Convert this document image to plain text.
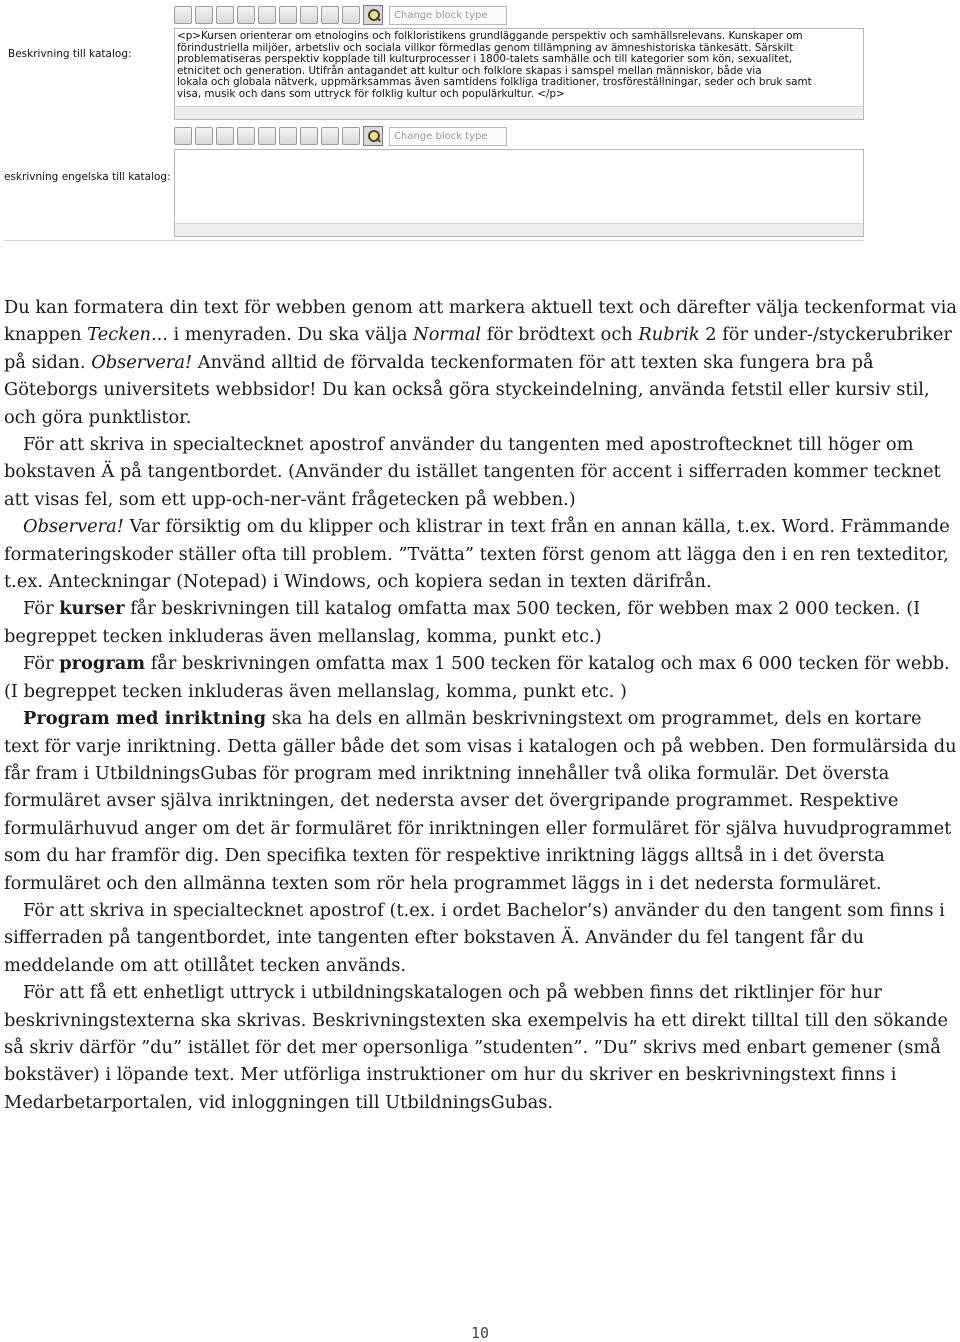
Change block type
Beskrivning till katalog:
<p>Kursen orienterar om etnologins och folkloristikens grundläggande perspektiv och samhällsrelevans. Kunskaper om
förindustriella miljöer, arbetsliv och sociala villkor förmedlas genom tillämpning av ämneshistoriska tänkesätt. Särskilt
problematiseras perspektiv kopplade till kulturprocesser i 1800-talets samhälle och till kategorier som kön, sexualitet,
etnicitet och generation. Utifrån antagandet att kultur och folklore skapas i samspel mellan människor, både via
lokala och globala nätverk, uppmärksammas även samtidens folkliga traditioner, trosföreställningar, seder och bruk samt
visa, musik och dans som uttryck för folklig kultur och populärkultur. </p>
Change block type
eskrivning engelska till katalog:

Du kan formatera din text för webben genom att markera aktuell text och därefter välja teckenformat via knappen Tecken... i menyraden. Du ska välja Normal för brödtext och Rubrik 2 för under-/styckerubriker på sidan. Observera! Använd alltid de förvalda teckenformaten för att texten ska fungera bra på Göteborgs universitets webbsidor! Du kan också göra styckeindelning, använda fetstil eller kursiv stil, och göra punktlistor.

För att skriva in specialtecknet apostrof använder du tangenten med apostroftecknet till höger om bokstaven Ä på tangentbordet. (Använder du istället tangenten för accent i sifferraden kommer tecknet att visas fel, som ett upp-och-ner-vänt frågetecken på webben.)

Observera! Var försiktig om du klipper och klistrar in text från en annan källa, t.ex. Word. Främmande formateringskoder ställer ofta till problem. ”Tvätta” texten först genom att lägga den i en ren texteditor, t.ex. Anteckningar (Notepad) i Windows, och kopiera sedan in texten därifrån.

För kurser får beskrivningen till katalog omfatta max 500 tecken, för webben max 2 000 tecken. (I begreppet tecken inkluderas även mellanslag, komma, punkt etc.)

För program får beskrivningen omfatta max 1 500 tecken för katalog och max 6 000 tecken för webb. (I begreppet tecken inkluderas även mellanslag, komma, punkt etc. )

Program med inriktning ska ha dels en allmän beskrivningstext om programmet, dels en kortare text för varje inriktning. Detta gäller både det som visas i katalogen och på webben. Den formulärsida du får fram i UtbildningsGubas för program med inriktning innehåller två olika formulär. Det översta formuläret avser själva inriktningen, det nedersta avser det övergripande programmet. Respektive formulärhuvud anger om det är formuläret för inriktningen eller formuläret för själva huvudprogrammet som du har framför dig. Den specifika texten för respektive inriktning läggs alltså in i det översta formuläret och den allmänna texten som rör hela programmet läggs in i det nedersta formuläret.

För att skriva in specialtecknet apostrof (t.ex. i ordet Bachelor’s) använder du den tangent som finns i sifferraden på tangentbordet, inte tangenten efter bokstaven Ä. Använder du fel tangent får du meddelande om att otillåtet tecken används.

För att få ett enhetligt uttryck i utbildningskatalogen och på webben finns det riktlinjer för hur beskrivningstexterna ska skrivas. Beskrivningstexten ska exempelvis ha ett direkt tilltal till den sökande så skriv därför ”du” istället för det mer opersonliga ”studenten”. ”Du” skrivs med enbart gemener (små bokstäver) i löpande text. Mer utförliga instruktioner om hur du skriver en beskrivningstext finns i Medarbetarportalen, vid inloggningen till UtbildningsGubas.

10
